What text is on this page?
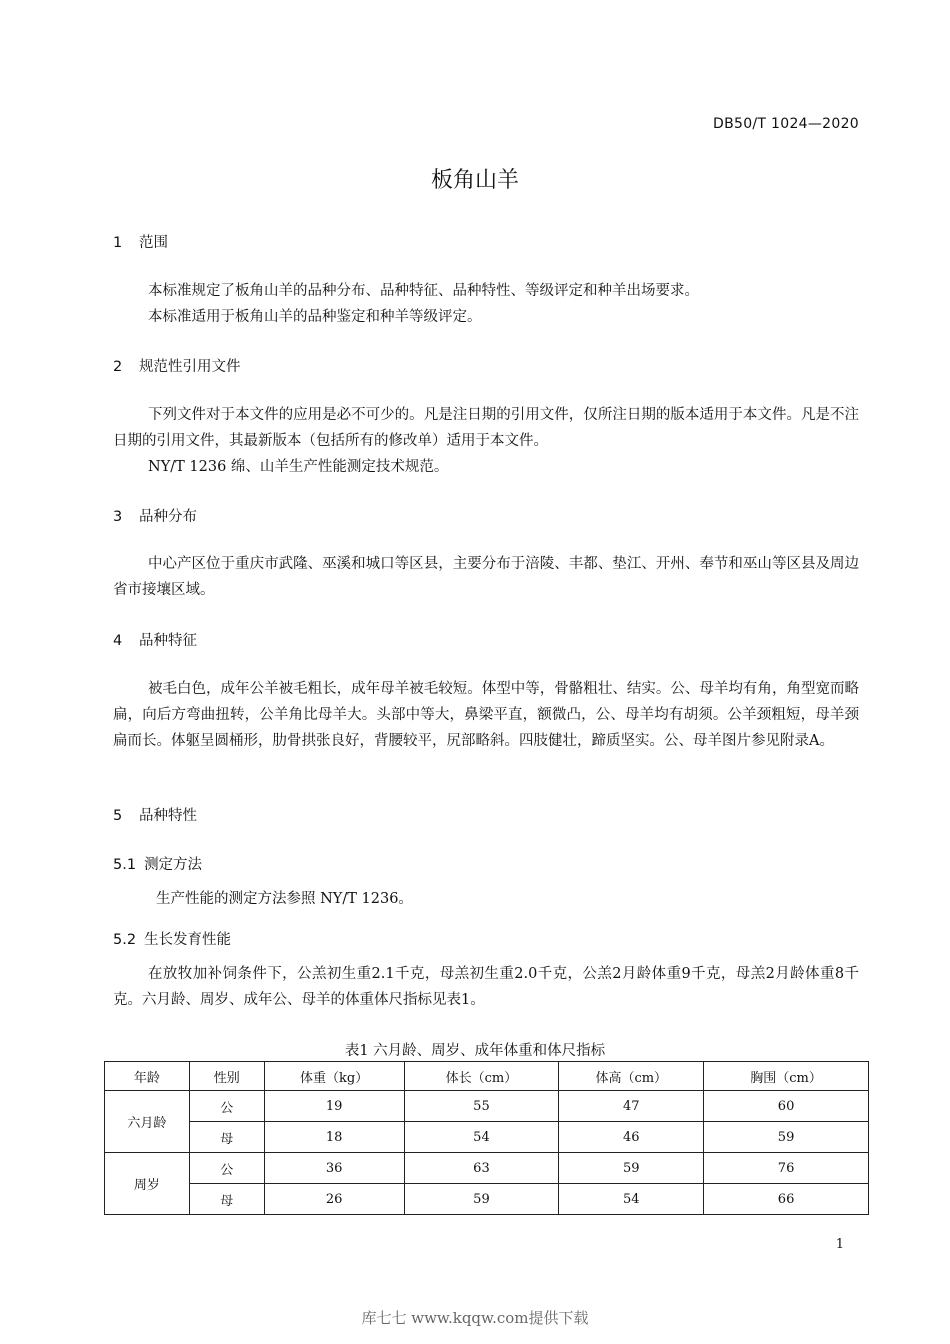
DB50/T 1024—2020
板角山羊
1 范围
本标准规定了板角山羊的品种分布、品种特征、品种特性、等级评定和种羊出场要求。
本标准适用于板角山羊的品种鉴定和种羊等级评定。
2 规范性引用文件
下列文件对于本文件的应用是必不可少的。凡是注日期的引用文件，仅所注日期的版本适用于本文件。凡是不注日期的引用文件，其最新版本（包括所有的修改单）适用于本文件。
NY/T 1236 绵、山羊生产性能测定技术规范。
3 品种分布
中心产区位于重庆市武隆、巫溪和城口等区县，主要分布于涪陵、丰都、垫江、开州、奉节和巫山等区县及周边省市接壤区域。
4 品种特征
被毛白色，成年公羊被毛粗长，成年母羊被毛较短。体型中等，骨骼粗壮、结实。公、母羊均有角，角型宽而略扁，向后方弯曲扭转，公羊角比母羊大。头部中等大，鼻梁平直，额微凸，公、母羊均有胡须。公羊颈粗短，母羊颈扁而长。体躯呈圆桶形，肋骨拱张良好，背腰较平，尻部略斜。四肢健壮，蹄质坚实。公、母羊图片参见附录A。
5 品种特性
5.1 测定方法
生产性能的测定方法参照 NY/T 1236。
5.2 生长发育性能
在放牧加补饲条件下，公羔初生重2.1千克，母羔初生重2.0千克，公羔2月龄体重9千克，母羔2月龄体重8千克。六月龄、周岁、成年公、母羊的体重体尺指标见表1。
表1 六月龄、周岁、成年体重和体尺指标
年龄	性别	体重（kg）	体长（cm）	体高（cm）	胸围（cm）
六月龄	公	19	55	47	60
	母	18	54	46	59
周岁	公	36	63	59	76
	母	26	59	54	66
1
库七七 www.kqqw.com提供下载
